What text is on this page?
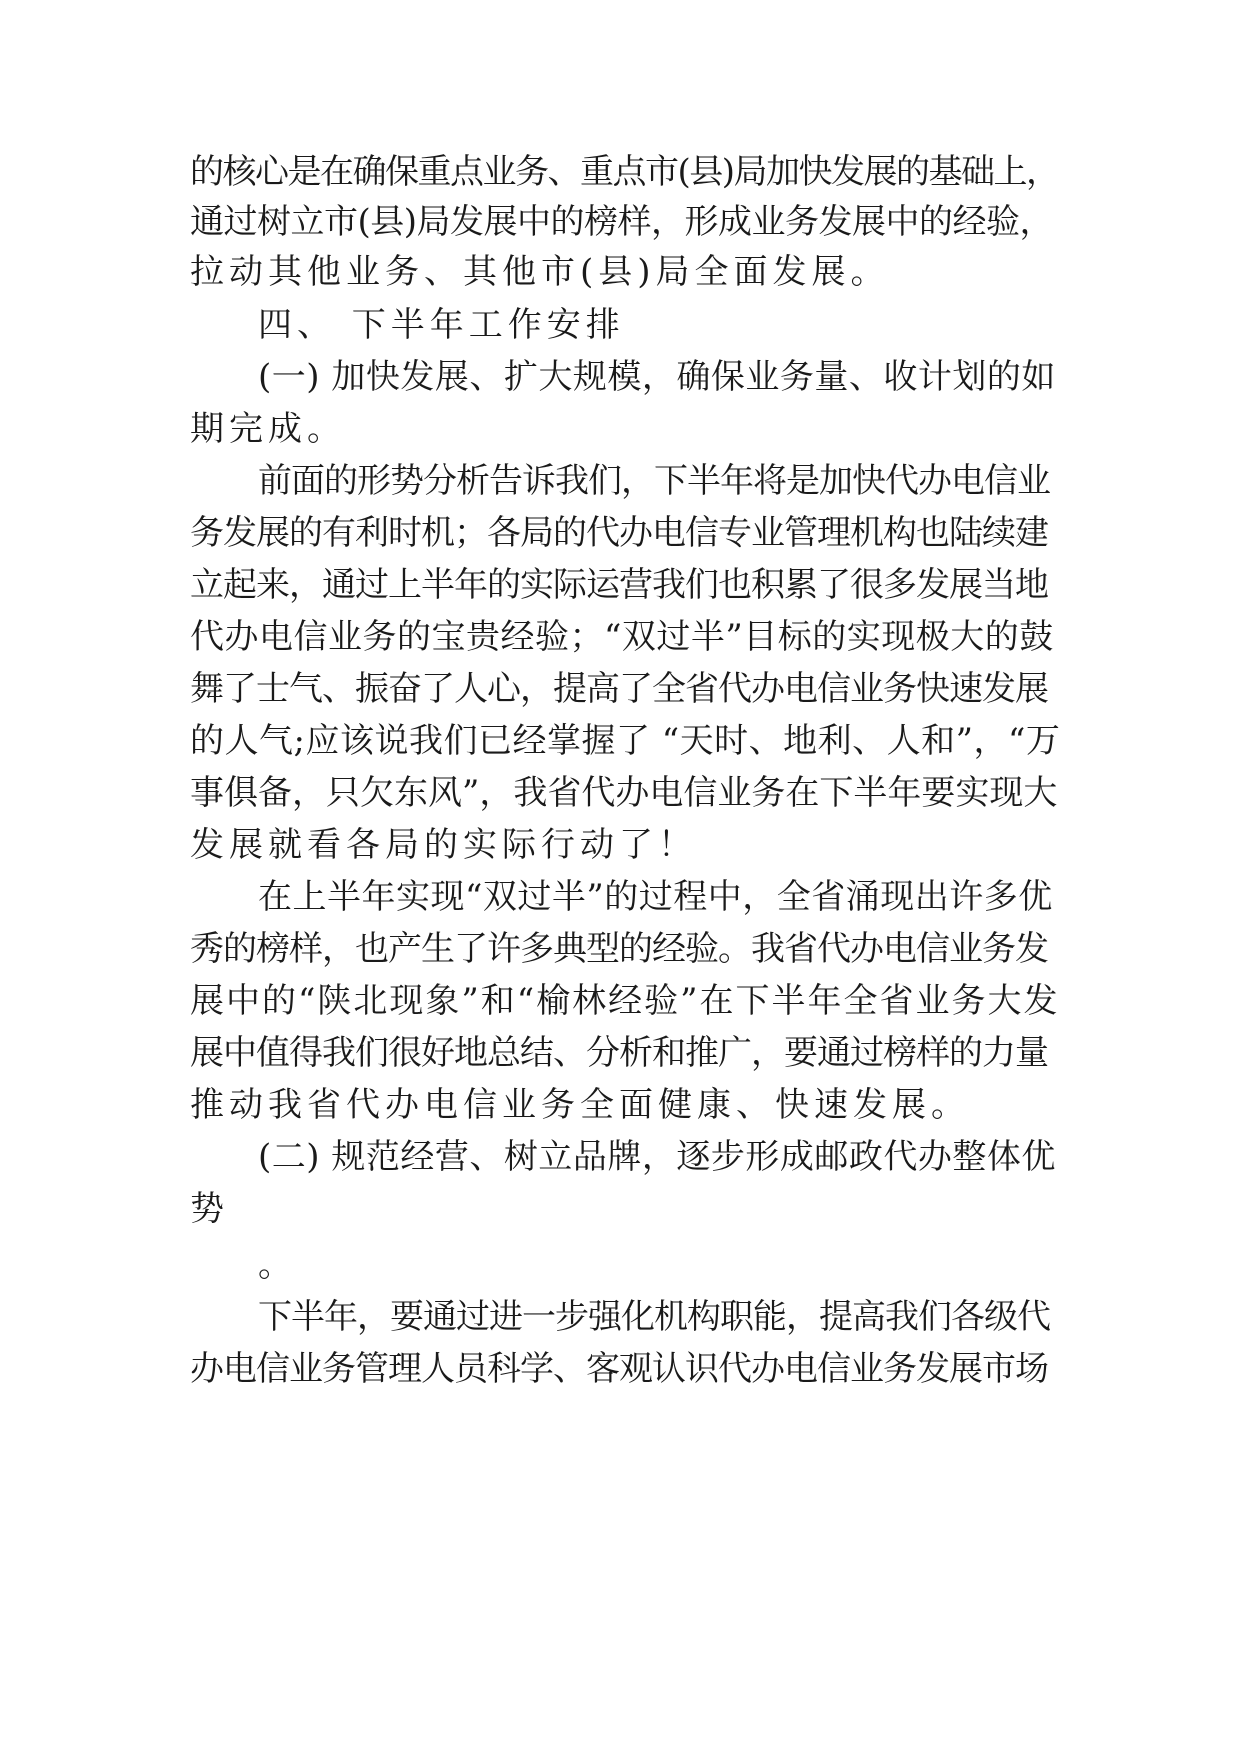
的核心是在确保重点业务、重点市(县)局加快发展的基础上，
通过树立市(县)局发展中的榜样，形成业务发展中的经验，
拉动其他业务、其他市(县)局全面发展。
四、 下半年工作安排
(一) 加快发展、扩大规模，确保业务量、收计划的如
期完成。
前面的形势分析告诉我们，下半年将是加快代办电信业
务发展的有利时机；各局的代办电信专业管理机构也陆续建
立起来，通过上半年的实际运营我们也积累了很多发展当地
代办电信业务的宝贵经验；“双过半”目标的实现极大的鼓
舞了士气、振奋了人心，提高了全省代办电信业务快速发展
的人气;应该说我们已经掌握了 “天时、地利、人和”，“万
事俱备，只欠东风”，我省代办电信业务在下半年要实现大
发展就看各局的实际行动了！
在上半年实现“双过半”的过程中，全省涌现出许多优
秀的榜样，也产生了许多典型的经验。我省代办电信业务发
展中的“陕北现象”和“榆林经验”在下半年全省业务大发
展中值得我们很好地总结、分析和推广，要通过榜样的力量
推动我省代办电信业务全面健康、快速发展。
(二) 规范经营、树立品牌，逐步形成邮政代办整体优
势
。
下半年，要通过进一步强化机构职能，提高我们各级代
办电信业务管理人员科学、客观认识代办电信业务发展市场
